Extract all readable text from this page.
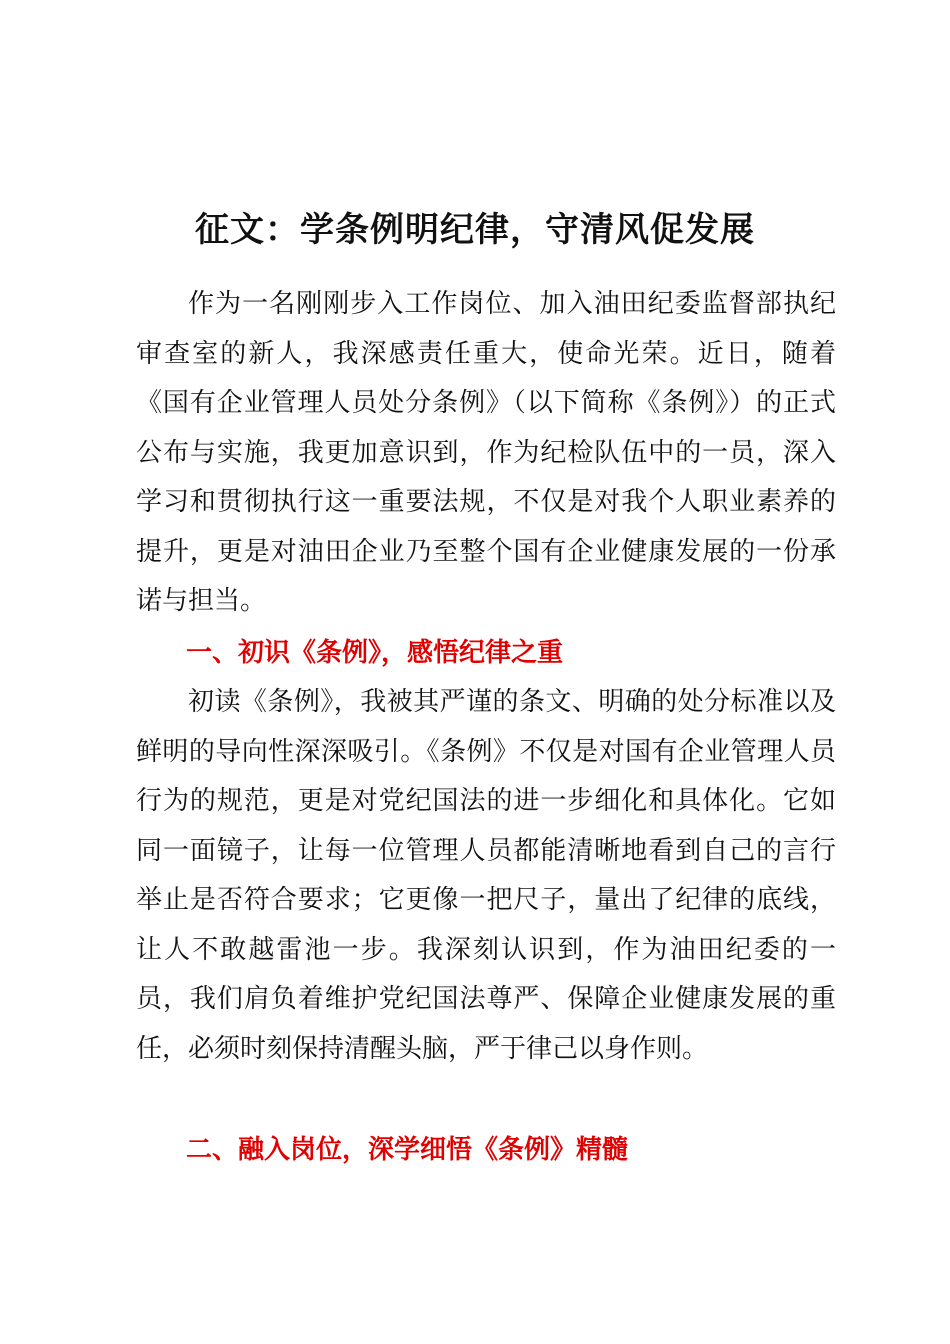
征文：学条例明纪律，守清风促发展

作为一名刚刚步入工作岗位、加入油田纪委监督部执纪审查室的新人，我深感责任重大，使命光荣。近日，随着《国有企业管理人员处分条例》（以下简称《条例》）的正式公布与实施，我更加意识到，作为纪检队伍中的一员，深入学习和贯彻执行这一重要法规，不仅是对我个人职业素养的提升，更是对油田企业乃至整个国有企业健康发展的一份承诺与担当。

一、初识《条例》，感悟纪律之重

初读《条例》，我被其严谨的条文、明确的处分标准以及鲜明的导向性深深吸引。《条例》不仅是对国有企业管理人员行为的规范，更是对党纪国法的进一步细化和具体化。它如同一面镜子，让每一位管理人员都能清晰地看到自己的言行举止是否符合要求；它更像一把尺子，量出了纪律的底线，让人不敢越雷池一步。我深刻认识到，作为油田纪委的一员，我们肩负着维护党纪国法尊严、保障企业健康发展的重任，必须时刻保持清醒头脑，严于律己以身作则。

二、融入岗位，深学细悟《条例》精髓
